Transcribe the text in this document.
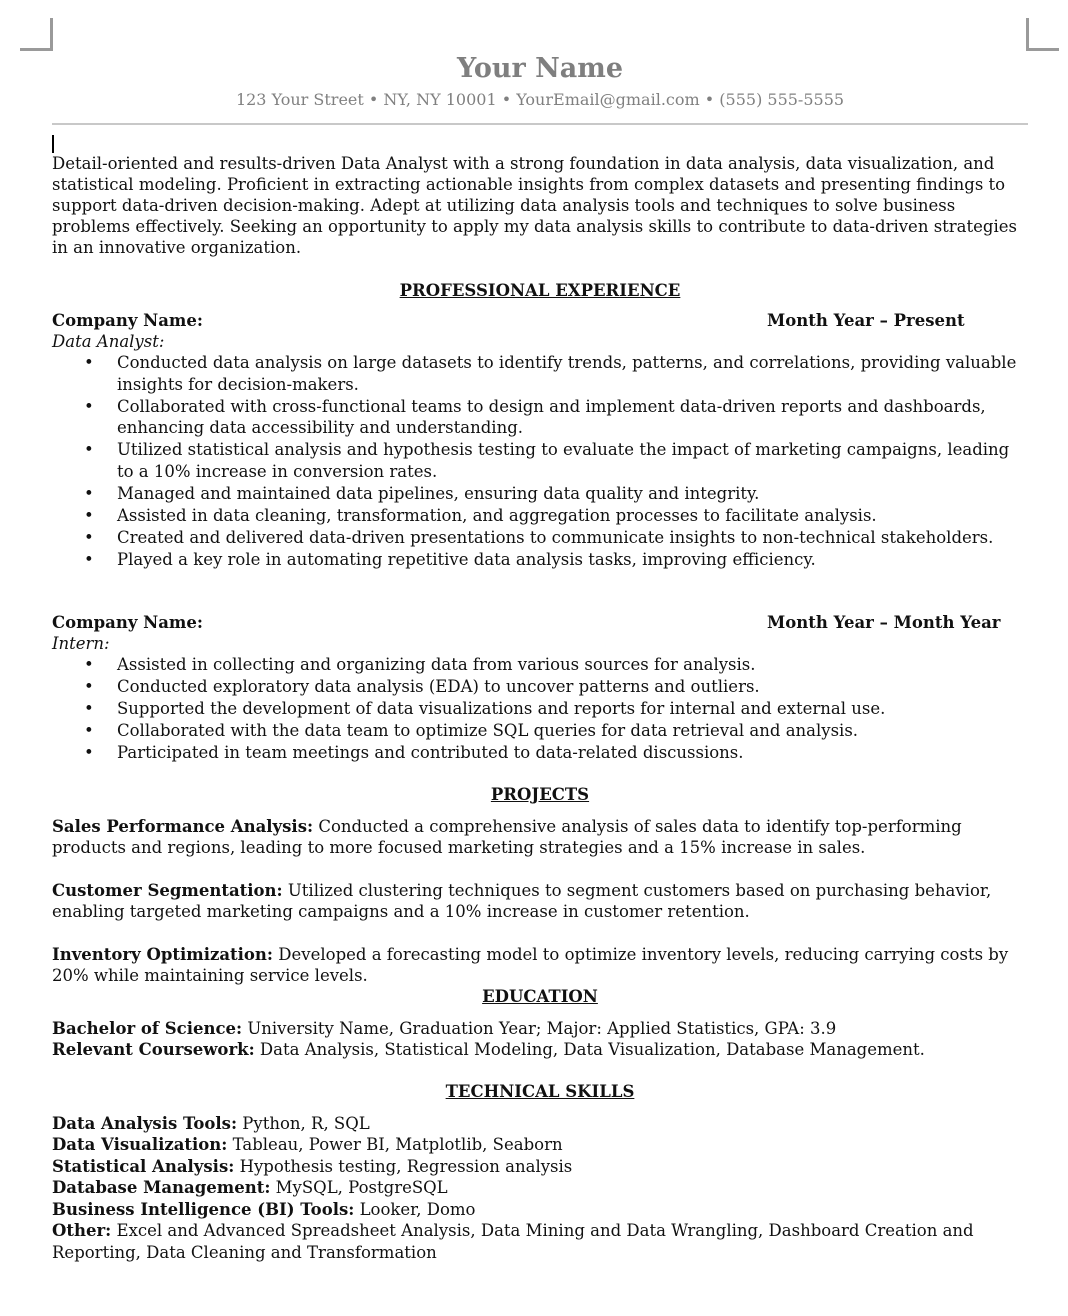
Your Name
123 Your Street • NY, NY 10001 • YourEmail@gmail.com • (555) 555-5555
Detail-oriented and results-driven Data Analyst with a strong foundation in data analysis, data visualization, and statistical modeling. Proficient in extracting actionable insights from complex datasets and presenting findings to support data-driven decision-making. Adept at utilizing data analysis tools and techniques to solve business problems effectively. Seeking an opportunity to apply my data analysis skills to contribute to data-driven strategies in an innovative organization.
PROFESSIONAL EXPERIENCE
Company Name:	Month Year – Present
Data Analyst:
• Conducted data analysis on large datasets to identify trends, patterns, and correlations, providing valuable insights for decision-makers.
• Collaborated with cross-functional teams to design and implement data-driven reports and dashboards, enhancing data accessibility and understanding.
• Utilized statistical analysis and hypothesis testing to evaluate the impact of marketing campaigns, leading to a 10% increase in conversion rates.
• Managed and maintained data pipelines, ensuring data quality and integrity.
• Assisted in data cleaning, transformation, and aggregation processes to facilitate analysis.
• Created and delivered data-driven presentations to communicate insights to non-technical stakeholders.
• Played a key role in automating repetitive data analysis tasks, improving efficiency.
Company Name:	Month Year – Month Year
Intern:
• Assisted in collecting and organizing data from various sources for analysis.
• Conducted exploratory data analysis (EDA) to uncover patterns and outliers.
• Supported the development of data visualizations and reports for internal and external use.
• Collaborated with the data team to optimize SQL queries for data retrieval and analysis.
• Participated in team meetings and contributed to data-related discussions.
PROJECTS
Sales Performance Analysis: Conducted a comprehensive analysis of sales data to identify top-performing products and regions, leading to more focused marketing strategies and a 15% increase in sales.
Customer Segmentation: Utilized clustering techniques to segment customers based on purchasing behavior, enabling targeted marketing campaigns and a 10% increase in customer retention.
Inventory Optimization: Developed a forecasting model to optimize inventory levels, reducing carrying costs by 20% while maintaining service levels.
EDUCATION
Bachelor of Science: University Name, Graduation Year; Major: Applied Statistics, GPA: 3.9
Relevant Coursework: Data Analysis, Statistical Modeling, Data Visualization, Database Management.
TECHNICAL SKILLS
Data Analysis Tools: Python, R, SQL
Data Visualization: Tableau, Power BI, Matplotlib, Seaborn
Statistical Analysis: Hypothesis testing, Regression analysis
Database Management: MySQL, PostgreSQL
Business Intelligence (BI) Tools: Looker, Domo
Other: Excel and Advanced Spreadsheet Analysis, Data Mining and Data Wrangling, Dashboard Creation and Reporting, Data Cleaning and Transformation
